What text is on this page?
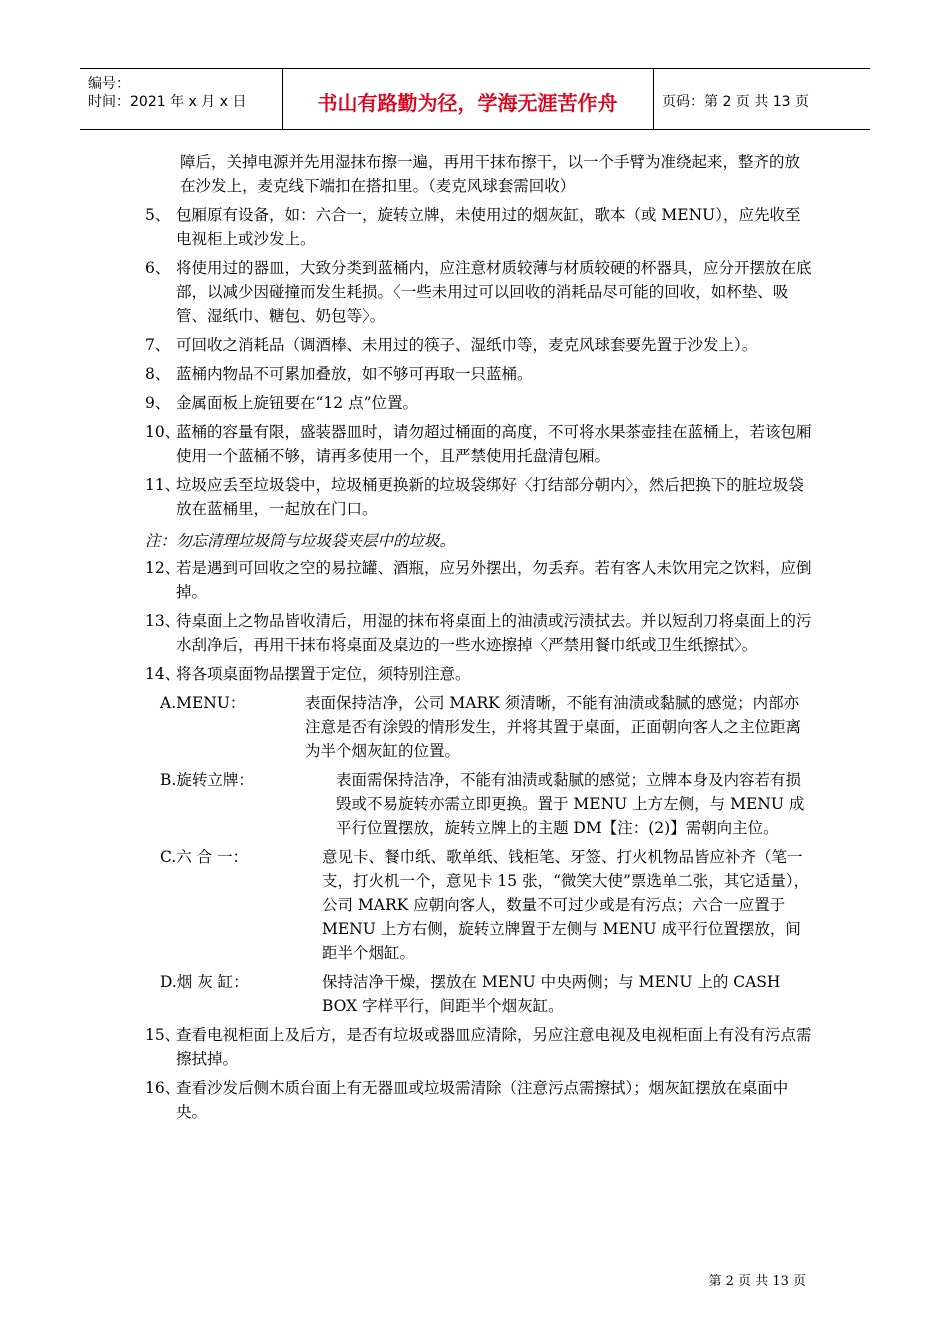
编号：
时间：2021 年 x 月 x 日	书山有路勤为径，学海无涯苦作舟	页码：第 2 页 共 13 页
障后，关掉电源并先用湿抹布擦一遍，再用干抹布擦干，以一个手臂为准绕起来，整齐的放在沙发上，麦克线下端扣在搭扣里。（麦克风球套需回收）
5、 包厢原有设备，如：六合一，旋转立牌，未使用过的烟灰缸，歌本（或 MENU），应先收至电视柜上或沙发上。
6、 将使用过的器皿，大致分类到蓝桶内，应注意材质较薄与材质较硬的杯器具，应分开摆放在底部，以减少因碰撞而发生耗损。〈一些未用过可以回收的消耗品尽可能的回收，如杯垫、吸管、湿纸巾、糖包、奶包等〉。
7、 可回收之消耗品（调酒棒、未用过的筷子、湿纸巾等，麦克风球套要先置于沙发上）。
8、 蓝桶内物品不可累加叠放，如不够可再取一只蓝桶。
9、 金属面板上旋钮要在“12 点”位置。
10、
蓝桶的容量有限，盛装器皿时，请勿超过桶面的高度，不可将水果茶壶挂在蓝桶上，若该包厢使用一个蓝桶不够，请再多使用一个，且严禁使用托盘清包厢。
11、
垃圾应丢至垃圾袋中，垃圾桶更换新的垃圾袋绑好〈打结部分朝内〉，然后把换下的脏垃圾袋放在蓝桶里，一起放在门口。
注：勿忘清理垃圾筒与垃圾袋夹层中的垃圾。
12、
若是遇到可回收之空的易拉罐、酒瓶，应另外摆出，勿丢弃。若有客人未饮用完之饮料，应倒掉。
13、
待桌面上之物品皆收清后，用湿的抹布将桌面上的油渍或污渍拭去。并以短刮刀将桌面上的污水刮净后，再用干抹布将桌面及桌边的一些水迹擦掉〈严禁用餐巾纸或卫生纸擦拭〉。
14、
将各项桌面物品摆置于定位，须特别注意。
A.MENU：	表面保持洁净，公司 MARK 须清晰，不能有油渍或黏腻的感觉；内部亦注意是否有涂毁的情形发生，并将其置于桌面，正面朝向客人之主位距离为半个烟灰缸的位置。
B.旋转立牌：	表面需保持洁净，不能有油渍或黏腻的感觉；立牌本身及内容若有损毁或不易旋转亦需立即更换。置于 MENU 上方左侧，与 MENU 成平行位置摆放，旋转立牌上的主题 DM【注：(2)】需朝向主位。
C.六 合 一：	意见卡、餐巾纸、歌单纸、钱柜笔、牙签、打火机物品皆应补齐（笔一支，打火机一个，意见卡 15 张，“微笑大使”票选单二张，其它适量），公司 MARK 应朝向客人，数量不可过少或是有污点；六合一应置于 MENU 上方右侧，旋转立牌置于左侧与 MENU 成平行位置摆放，间距半个烟缸。
D.烟 灰 缸：	保持洁净干燥，摆放在 MENU 中央两侧；与 MENU 上的 CASH BOX 字样平行，间距半个烟灰缸。
15、
查看电视柜面上及后方，是否有垃圾或器皿应清除，另应注意电视及电视柜面上有没有污点需擦拭掉。
16、
查看沙发后侧木质台面上有无器皿或垃圾需清除（注意污点需擦拭）；烟灰缸摆放在桌面中央。
第 2 页 共 13 页
